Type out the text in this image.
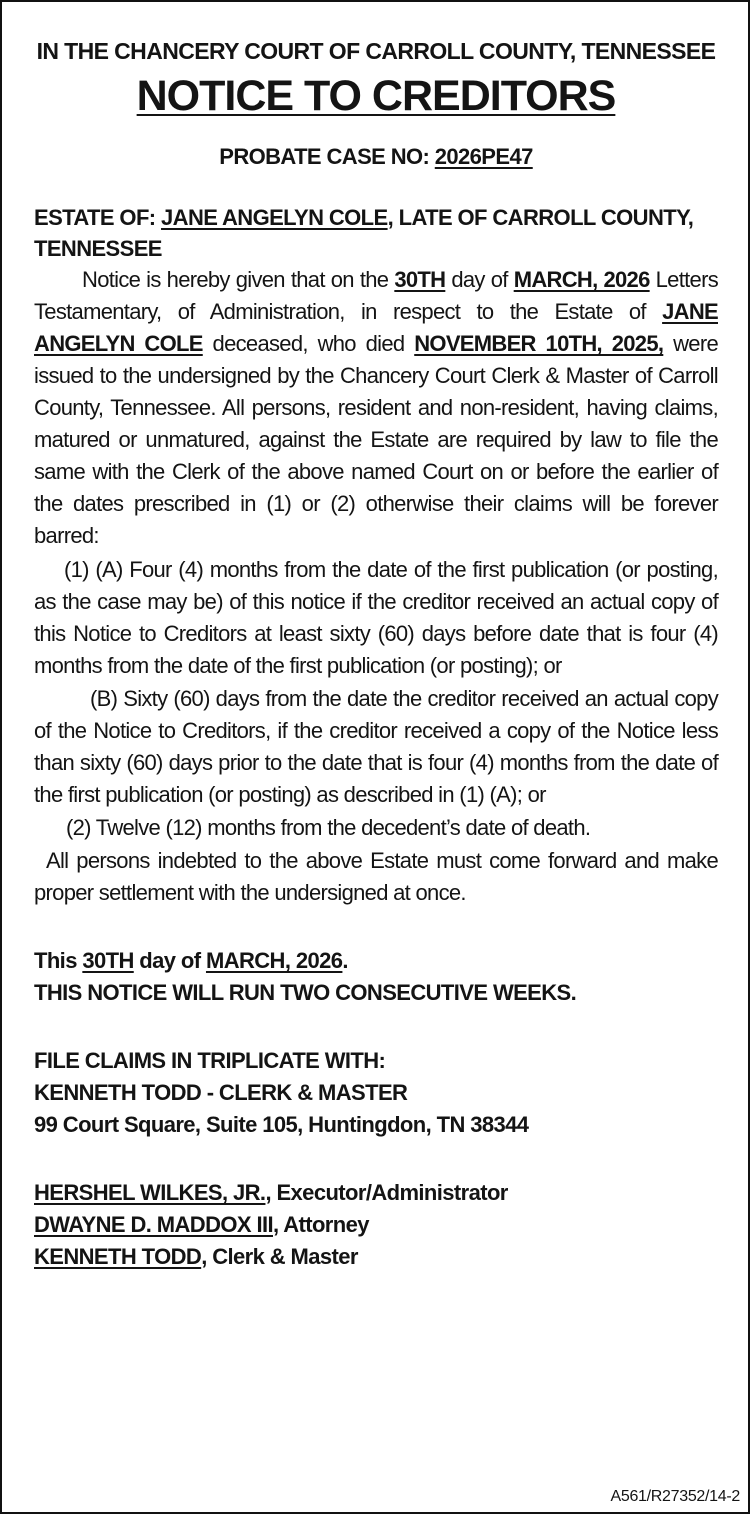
IN THE CHANCERY COURT OF CARROLL COUNTY, TENNESSEE

NOTICE TO CREDITORS

PROBATE CASE NO: 2026PE47

ESTATE OF: JANE ANGELYN COLE, LATE OF CARROLL COUNTY, TENNESSEE

Notice is hereby given that on the 30TH day of MARCH, 2026 Letters Testamentary, of Administration, in respect to the Estate of JANE ANGELYN COLE deceased, who died NOVEMBER 10TH, 2025, were issued to the undersigned by the Chancery Court Clerk & Master of Carroll County, Tennessee. All persons, resident and non-resident, having claims, matured or unmatured, against the Estate are required by law to file the same with the Clerk of the above named Court on or before the earlier of the dates prescribed in (1) or (2) otherwise their claims will be forever barred:

(1) (A) Four (4) months from the date of the first publication (or posting, as the case may be) of this notice if the creditor received an actual copy of this Notice to Creditors at least sixty (60) days before date that is four (4) months from the date of the first publication (or posting); or

(B) Sixty (60) days from the date the creditor received an actual copy of the Notice to Creditors, if the creditor received a copy of the Notice less than sixty (60) days prior to the date that is four (4) months from the date of the first publication (or posting) as described in (1) (A); or

(2) Twelve (12) months from the decedent’s date of death.

All persons indebted to the above Estate must come forward and make proper settlement with the undersigned at once.

This 30TH day of MARCH, 2026.

THIS NOTICE WILL RUN TWO CONSECUTIVE WEEKS.

FILE CLAIMS IN TRIPLICATE WITH:

KENNETH TODD - CLERK & MASTER

99 Court Square, Suite 105, Huntingdon, TN 38344

HERSHEL WILKES, JR., Executor/Administrator

DWAYNE D. MADDOX III, Attorney

KENNETH TODD, Clerk & Master

A561/R27352/14-2
